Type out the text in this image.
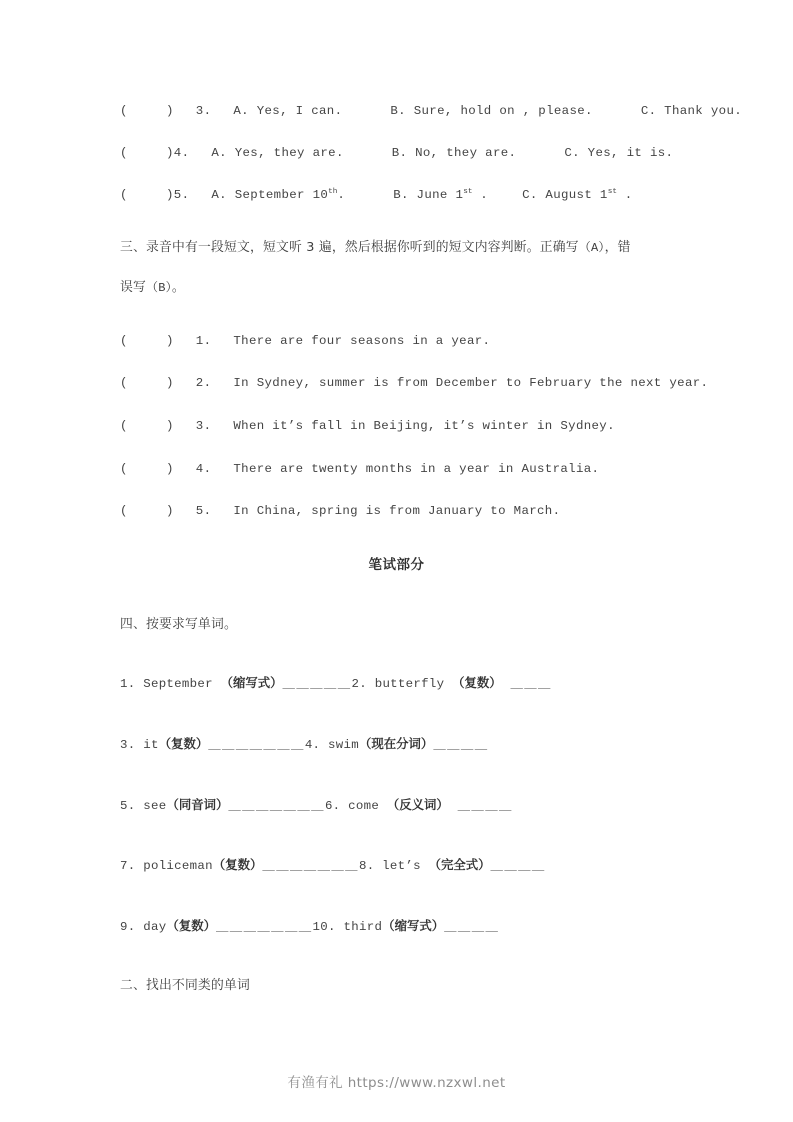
(	) 3. A. Yes, I can.	B. Sure, hold on , please.	C. Thank you.
(	)4. A. Yes, they are.	B. No, they are.	C. Yes, it is.
(	)5. A. September 10th.	B. June 1st .	C. August 1st .
三、录音中有一段短文，短文听 3 遍，然后根据你听到的短文内容判断。正确写（A），错
误写（B）。
(	) 1. There are four seasons in a year.
(	) 2. In Sydney, summer is from December to February the next year.
(	) 3. When it’s fall in Beijing, it’s winter in Sydney.
(	) 4. There are twenty months in a year in Australia.
(	) 5. In China, spring is from January to March.
笔试部分
四、按要求写单词。
1. September （缩写式）＿＿＿＿＿2. butterfly （复数） ＿＿＿
3. it（复数）＿＿＿＿＿＿＿4. swim（现在分词）＿＿＿＿
5. see（同音词）＿＿＿＿＿＿＿6. come （反义词） ＿＿＿＿
7. policeman（复数）＿＿＿＿＿＿＿8. let’s （完全式）＿＿＿＿
9. day（复数）＿＿＿＿＿＿＿10. third（缩写式）＿＿＿＿
二、找出不同类的单词
有渔有礼 https://www.nzxwl.net
